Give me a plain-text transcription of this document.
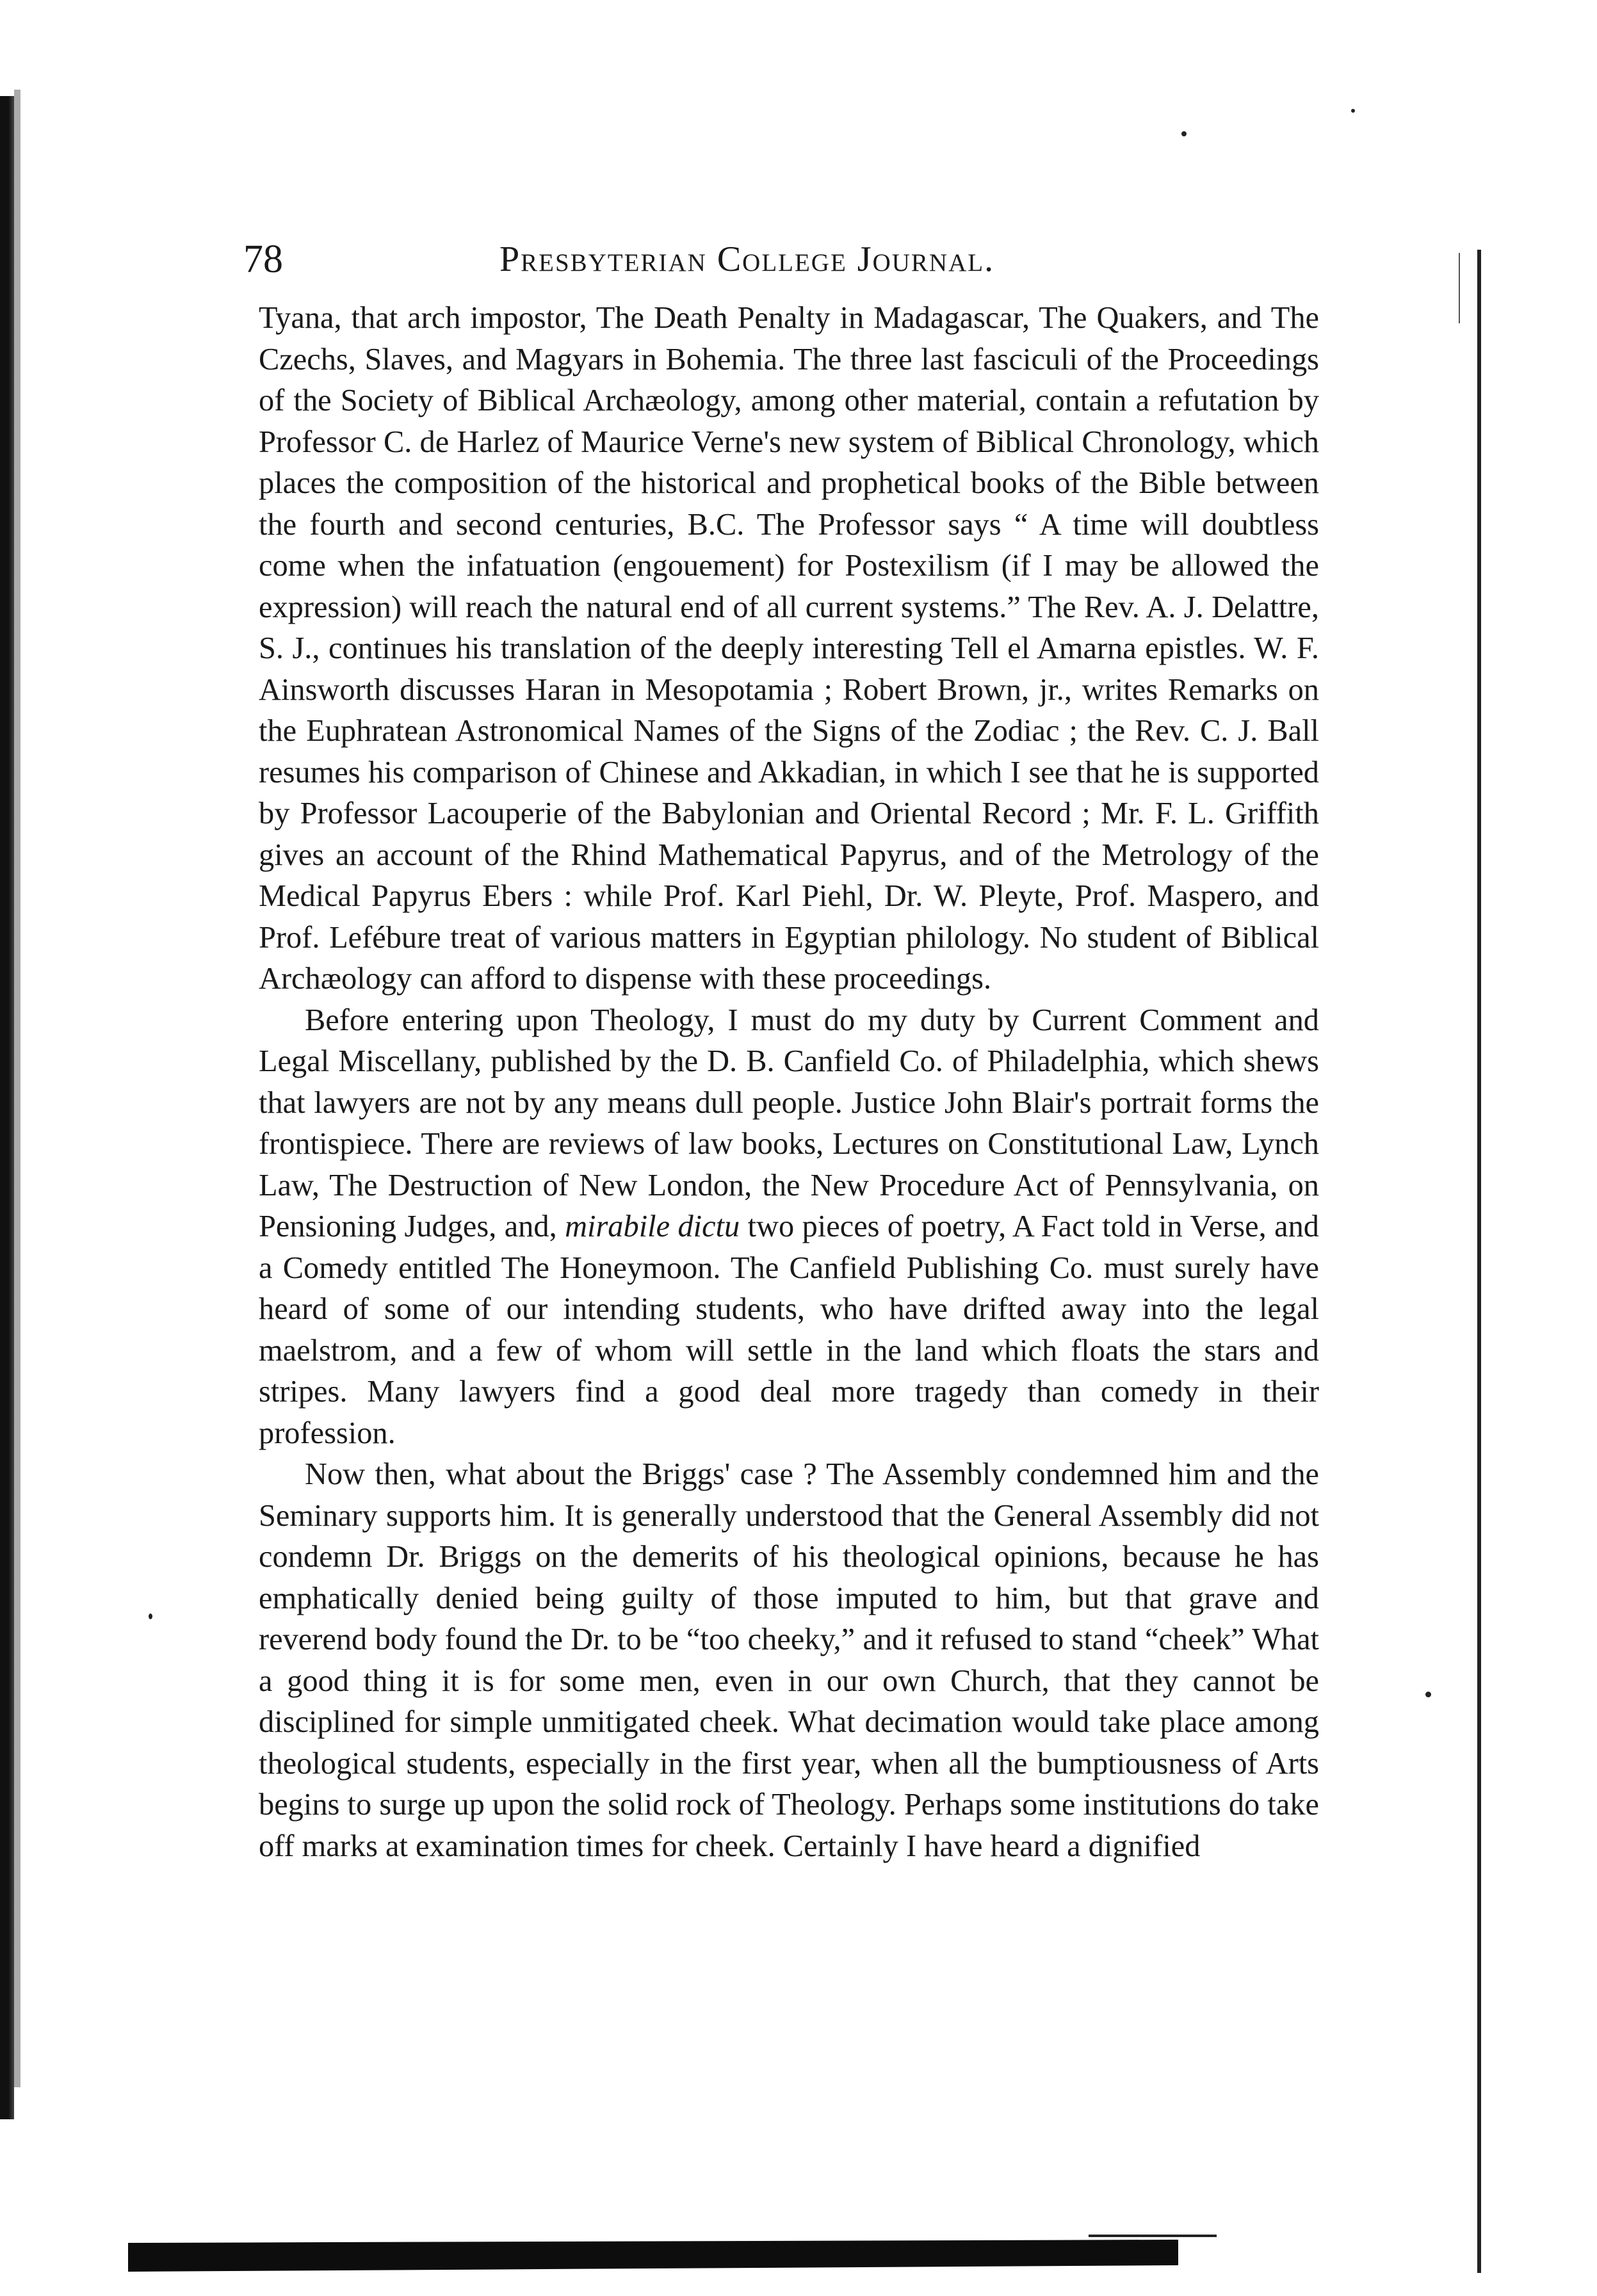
78	Presbyterian College Journal.

Tyana, that arch impostor, The Death Penalty in Madagascar, The Quakers, and The Czechs, Slaves, and Magyars in Bohemia. The three last fasciculi of the Proceedings of the Society of Biblical Archæology, among other material, contain a refutation by Professor C. de Harlez of Maurice Verne's new system of Biblical Chronology, which places the composition of the historical and prophetical books of the Bible between the fourth and second centuries, B.C. The Professor says “ A time will doubtless come when the infatuation (engouement) for Postexilism (if I may be allowed the expression) will reach the natural end of all current systems.” The Rev. A. J. Delattre, S. J., continues his translation of the deeply interesting Tell el Amarna epistles. W. F. Ainsworth discusses Haran in Mesopotamia ; Robert Brown, jr., writes Remarks on the Euphratean Astronomical Names of the Signs of the Zodiac ; the Rev. C. J. Ball resumes his comparison of Chinese and Akkadian, in which I see that he is supported by Professor Lacouperie of the Babylonian and Oriental Record ; Mr. F. L. Griffith gives an account of the Rhind Mathematical Papyrus, and of the Metrology of the Medical Papyrus Ebers : while Prof. Karl Piehl, Dr. W. Pleyte, Prof. Maspero, and Prof. Lefébure treat of various matters in Egyptian philology. No student of Biblical Archæology can afford to dispense with these proceedings.

Before entering upon Theology, I must do my duty by Current Comment and Legal Miscellany, published by the D. B. Canfield Co. of Philadelphia, which shews that lawyers are not by any means dull people. Justice John Blair's portrait forms the frontispiece. There are reviews of law books, Lectures on Constitutional Law, Lynch Law, The Destruction of New London, the New Procedure Act of Pennsylvania, on Pensioning Judges, and, mirabile dictu two pieces of poetry, A Fact told in Verse, and a Comedy entitled The Honeymoon. The Canfield Publishing Co. must surely have heard of some of our intending students, who have drifted away into the legal maelstrom, and a few of whom will settle in the land which floats the stars and stripes. Many lawyers find a good deal more tragedy than comedy in their profession.

Now then, what about the Briggs' case ? The Assembly condemned him and the Seminary supports him. It is generally understood that the General Assembly did not condemn Dr. Briggs on the demerits of his theological opinions, because he has emphatically denied being guilty of those imputed to him, but that grave and reverend body found the Dr. to be “too cheeky,” and it refused to stand “cheek” What a good thing it is for some men, even in our own Church, that they cannot be disciplined for simple unmitigated cheek. What decimation would take place among theological students, especially in the first year, when all the bumptiousness of Arts begins to surge up upon the solid rock of Theology. Perhaps some institutions do take off marks at examination times for cheek. Certainly I have heard a dignified
